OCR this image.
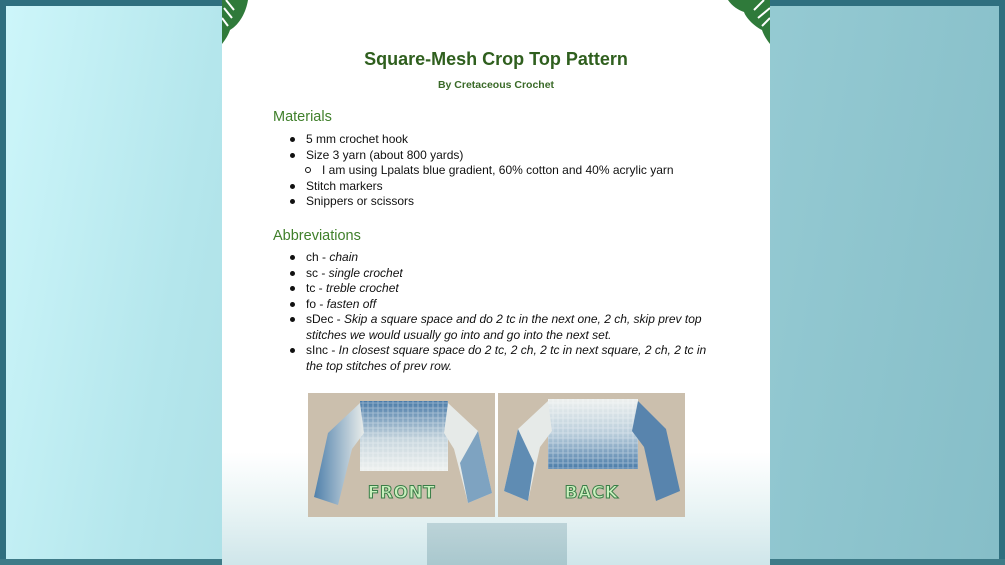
Square-Mesh Crop Top Pattern
By Cretaceous Crochet
Materials
5 mm crochet hook
Size 3 yarn (about 800 yards)
I am using Lpalats blue gradient, 60% cotton and 40% acrylic yarn
Stitch markers
Snippers or scissors
Abbreviations
ch - chain
sc - single crochet
tc - treble crochet
fo - fasten off
sDec - Skip a square space and do 2 tc in the next one, 2 ch, skip prev top stitches we would usually go into and go into the next set.
sInc - In closest square space do 2 tc, 2 ch, 2 tc in next square, 2 ch, 2 tc in the top stitches of prev row.
FRONT	BACK
